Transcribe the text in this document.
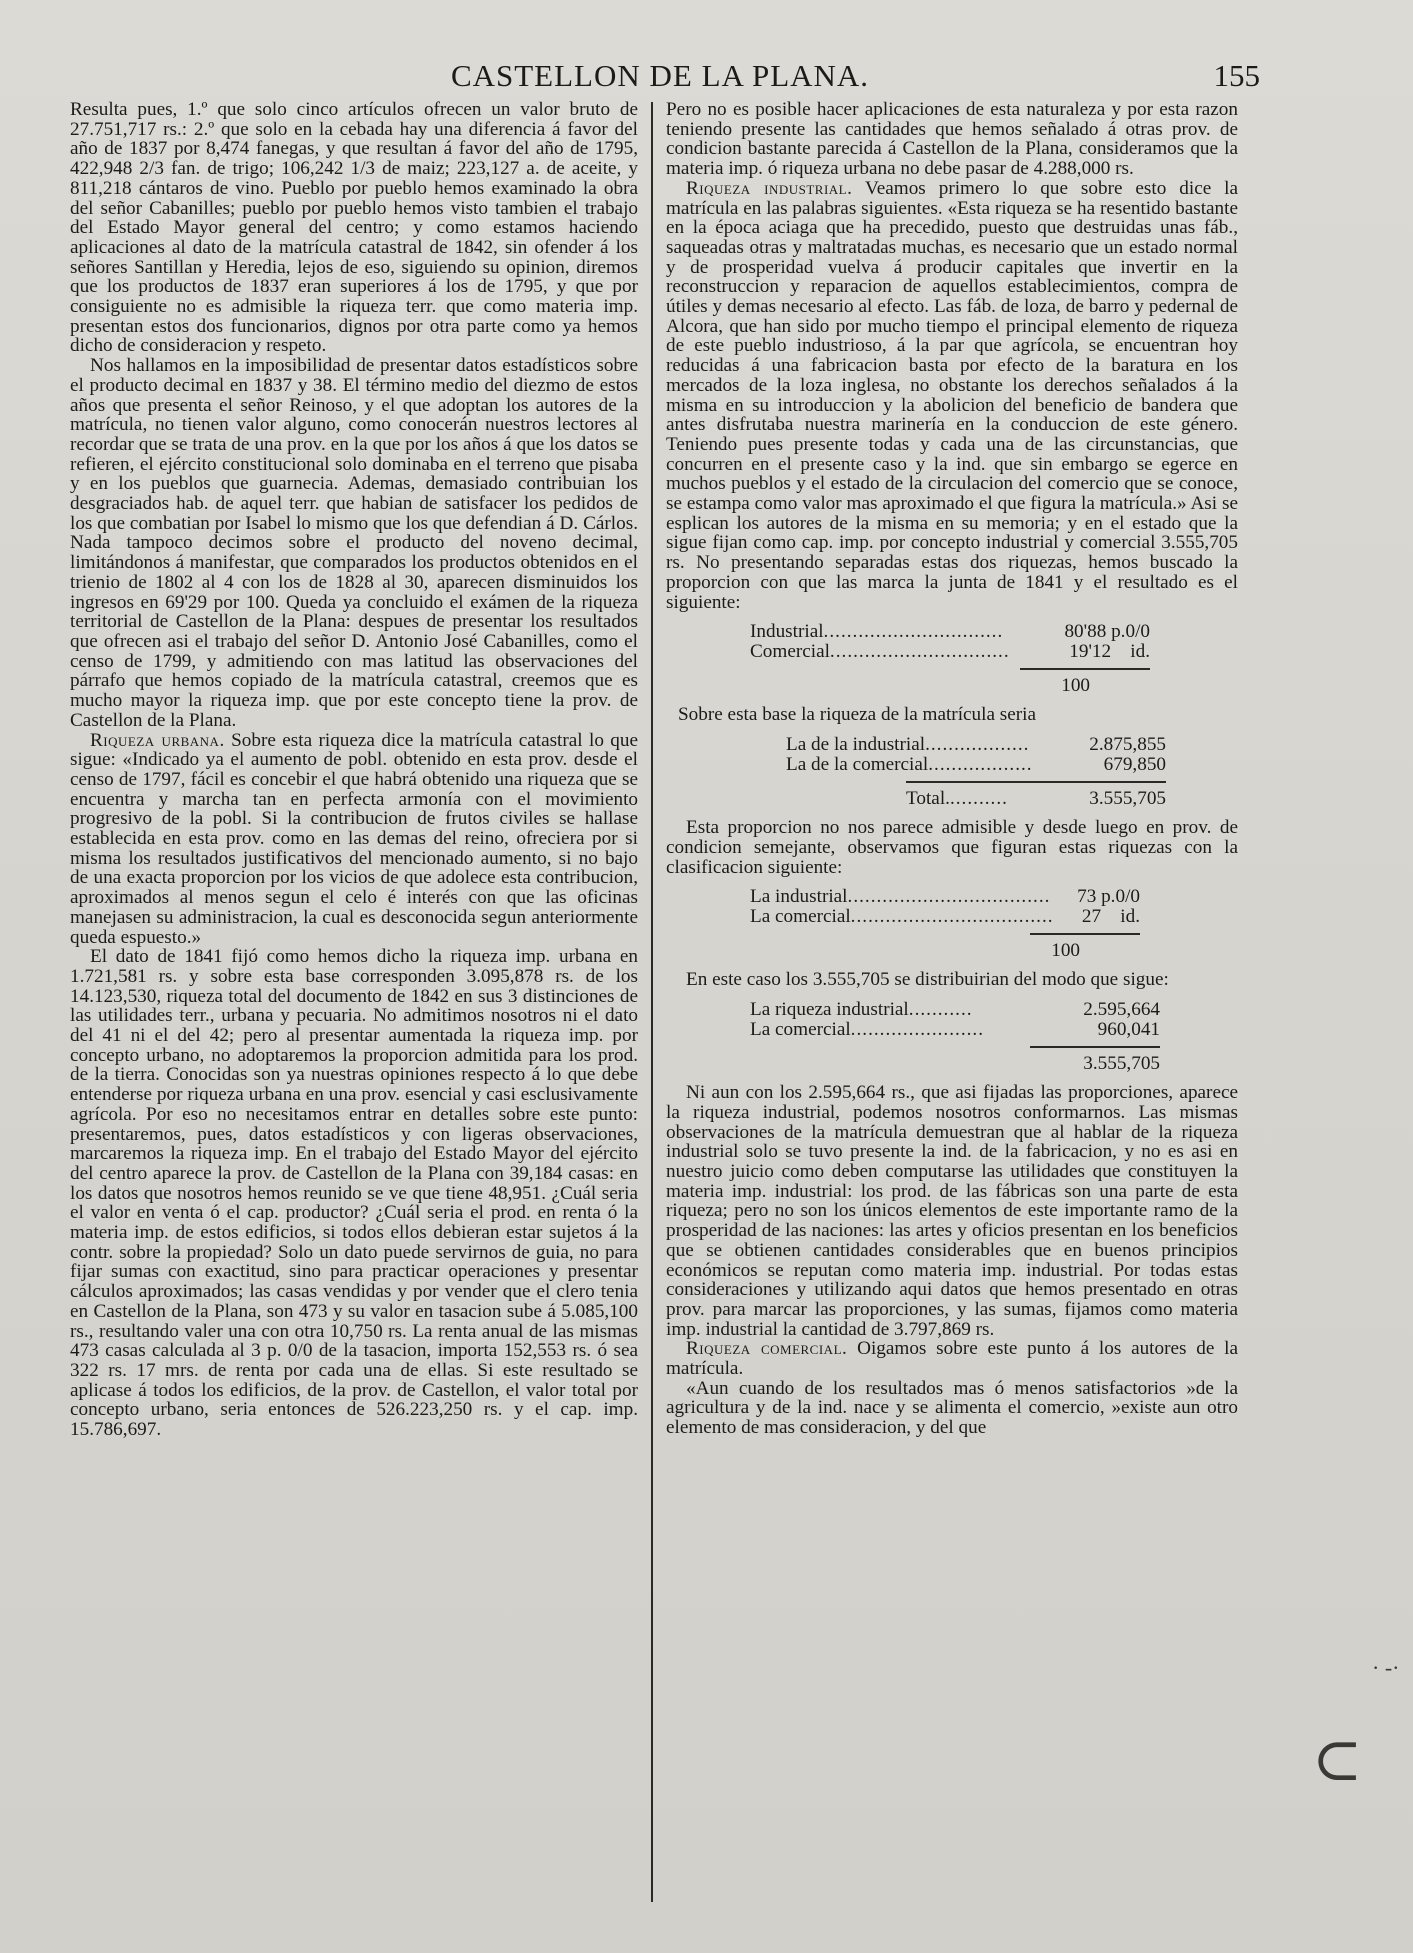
CASTELLON DE LA PLANA.	155

Resulta pues, 1.º que solo cinco artículos ofrecen un valor bruto de 27.751,717 rs.: 2.º que solo en la cebada hay una diferencia á favor del año de 1837 por 8,474 fanegas, y que resultan á favor del año de 1795, 422,948 2/3 fan. de trigo; 106,242 1/3 de maiz; 223,127 a. de aceite, y 811,218 cántaros de vino. Pueblo por pueblo hemos examinado la obra del señor Cabanilles; pueblo por pueblo hemos visto tambien el trabajo del Estado Mayor general del centro; y como estamos haciendo aplicaciones al dato de la matrícula catastral de 1842, sin ofender á los señores Santillan y Heredia, lejos de eso, siguiendo su opinion, diremos que los productos de 1837 eran superiores á los de 1795, y que por consiguiente no es admisible la riqueza terr. que como materia imp. presentan estos dos funcionarios, dignos por otra parte como ya hemos dicho de consideracion y respeto.

Nos hallamos en la imposibilidad de presentar datos estadísticos sobre el producto decimal en 1837 y 38. El término medio del diezmo de estos años que presenta el señor Reinoso, y el que adoptan los autores de la matrícula, no tienen valor alguno, como conocerán nuestros lectores al recordar que se trata de una prov. en la que por los años á que los datos se refieren, el ejército constitucional solo dominaba en el terreno que pisaba y en los pueblos que guarnecia. Ademas, demasiado contribuian los desgraciados hab. de aquel terr. que habian de satisfacer los pedidos de los que combatian por Isabel lo mismo que los que defendian á D. Cárlos. Nada tampoco decimos sobre el producto del noveno decimal, limitándonos á manifestar, que comparados los productos obtenidos en el trienio de 1802 al 4 con los de 1828 al 30, aparecen disminuidos los ingresos en 69'29 por 100. Queda ya concluido el exámen de la riqueza territorial de Castellon de la Plana: despues de presentar los resultados que ofrecen asi el trabajo del señor D. Antonio José Cabanilles, como el censo de 1799, y admitiendo con mas latitud las observaciones del párrafo que hemos copiado de la matrícula catastral, creemos que es mucho mayor la riqueza imp. que por este concepto tiene la prov. de Castellon de la Plana.

Riqueza urbana. Sobre esta riqueza dice la matrícula catastral lo que sigue: «Indicado ya el aumento de pobl. obtenido en esta prov. desde el censo de 1797, fácil es concebir el que habrá obtenido una riqueza que se encuentra y marcha tan en perfecta armonía con el movimiento progresivo de la pobl. Si la contribucion de frutos civiles se hallase establecida en esta prov. como en las demas del reino, ofreciera por si misma los resultados justificativos del mencionado aumento, si no bajo de una exacta proporcion por los vicios de que adolece esta contribucion, aproximados al menos segun el celo é interés con que las oficinas manejasen su administracion, la cual es desconocida segun anteriormente queda espuesto.»

El dato de 1841 fijó como hemos dicho la riqueza imp. urbana en 1.721,581 rs. y sobre esta base corresponden 3.095,878 rs. de los 14.123,530, riqueza total del documento de 1842 en sus 3 distinciones de las utilidades terr., urbana y pecuaria. No admitimos nosotros ni el dato del 41 ni el del 42; pero al presentar aumentada la riqueza imp. por concepto urbano, no adoptaremos la proporcion admitida para los prod. de la tierra. Conocidas son ya nuestras opiniones respecto á lo que debe entenderse por riqueza urbana en una prov. esencial y casi esclusivamente agrícola. Por eso no necesitamos entrar en detalles sobre este punto: presentaremos, pues, datos estadísticos y con ligeras observaciones, marcaremos la riqueza imp. En el trabajo del Estado Mayor del ejército del centro aparece la prov. de Castellon de la Plana con 39,184 casas: en los datos que nosotros hemos reunido se ve que tiene 48,951. ¿Cuál seria el valor en venta ó el cap. productor? ¿Cuál seria el prod. en renta ó la materia imp. de estos edificios, si todos ellos debieran estar sujetos á la contr. sobre la propiedad? Solo un dato puede servirnos de guia, no para fijar sumas con exactitud, sino para practicar operaciones y presentar cálculos aproximados; las casas vendidas y por vender que el clero tenia en Castellon de la Plana, son 473 y su valor en tasacion sube á 5.085,100 rs., resultando valer una con otra 10,750 rs. La renta anual de las mismas 473 casas calculada al 3 p. 0/0 de la tasacion, importa 152,553 rs. ó sea 322 rs. 17 mrs. de renta por cada una de ellas. Si este resultado se aplicase á todos los edificios, de la prov. de Castellon, el valor total por concepto urbano, seria entonces de 526.223,250 rs. y el cap. imp. 15.786,697.

Pero no es posible hacer aplicaciones de esta naturaleza y por esta razon teniendo presente las cantidades que hemos señalado á otras prov. de condicion bastante parecida á Castellon de la Plana, consideramos que la materia imp. ó riqueza urbana no debe pasar de 4.288,000 rs.

Riqueza industrial. Veamos primero lo que sobre esto dice la matrícula en las palabras siguientes. «Esta riqueza se ha resentido bastante en la época aciaga que ha precedido, puesto que destruidas unas fáb., saqueadas otras y maltratadas muchas, es necesario que un estado normal y de prosperidad vuelva á producir capitales que invertir en la reconstruccion y reparacion de aquellos establecimientos, compra de útiles y demas necesario al efecto. Las fáb. de loza, de barro y pedernal de Alcora, que han sido por mucho tiempo el principal elemento de riqueza de este pueblo industrioso, á la par que agrícola, se encuentran hoy reducidas á una fabricacion basta por efecto de la baratura en los mercados de la loza inglesa, no obstante los derechos señalados á la misma en su introduccion y la abolicion del beneficio de bandera que antes disfrutaba nuestra marinería en la conduccion de este género. Teniendo pues presente todas y cada una de las circunstancias, que concurren en el presente caso y la ind. que sin embargo se egerce en muchos pueblos y el estado de la circulacion del comercio que se conoce, se estampa como valor mas aproximado el que figura la matrícula.» Asi se esplican los autores de la misma en su memoria; y en el estado que la sigue fijan como cap. imp. por concepto industrial y comercial 3.555,705 rs. No presentando separadas estas dos riquezas, hemos buscado la proporcion con que las marca la junta de 1841 y el resultado es el siguiente:

Industrial ...............................	80'88 p.0/0
Comercial ...............................	19'12    id.
100

Sobre esta base la riqueza de la matrícula seria

La de la industrial ..................	2.875,855
La de la comercial ..................	679,850
Total. ..........	3.555,705

Esta proporcion no nos parece admisible y desde luego en prov. de condicion semejante, observamos que figuran estas riquezas con la clasificacion siguiente:

La industrial ...................................	73 p.0/0
La comercial ...................................	27    id.
100

En este caso los 3.555,705 se distribuirian del modo que sigue:

La riqueza industrial ...........	2.595,664
La comercial .......................	960,041
3.555,705

Ni aun con los 2.595,664 rs., que asi fijadas las proporciones, aparece la riqueza industrial, podemos nosotros conformarnos. Las mismas observaciones de la matrícula demuestran que al hablar de la riqueza industrial solo se tuvo presente la ind. de la fabricacion, y no es asi en nuestro juicio como deben computarse las utilidades que constituyen la materia imp. industrial: los prod. de las fábricas son una parte de esta riqueza; pero no son los únicos elementos de este importante ramo de la prosperidad de las naciones: las artes y oficios presentan en los beneficios que se obtienen cantidades considerables que en buenos principios económicos se reputan como materia imp. industrial. Por todas estas consideraciones y utilizando aqui datos que hemos presentado en otras prov. para marcar las proporciones, y las sumas, fijamos como materia imp. industrial la cantidad de 3.797,869 rs.

Riqueza comercial. Oigamos sobre este punto á los autores de la matrícula.

«Aun cuando de los resultados mas ó menos satisfactorios »de la agricultura y de la ind. nace y se alimenta el comercio, »existe aun otro elemento de mas consideracion, y del que

· -·
⊂
